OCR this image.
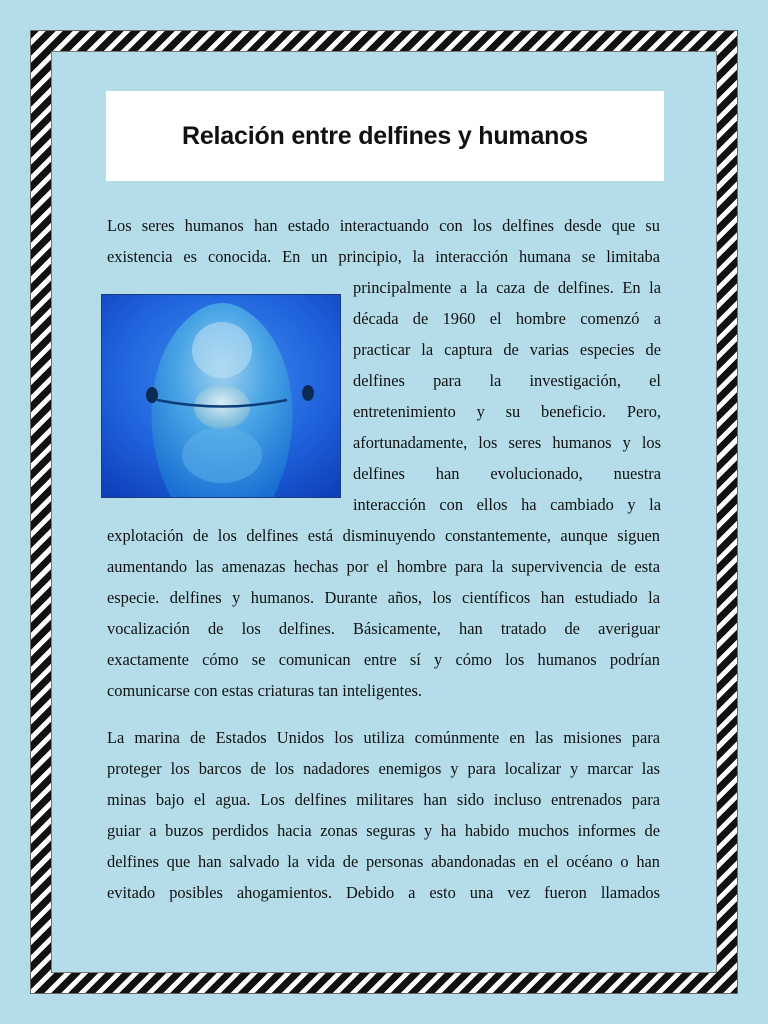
Relación entre delfines y humanos
Los seres humanos han estado interactuando con los delfines desde que su
existencia es conocida. En un principio, la interacción humana se limitaba
principalmente a la caza de delfines. En la
década de 1960 el hombre comenzó a
practicar la captura de varias especies de
delfines para la investigación, el
entretenimiento y su beneficio. Pero,
afortunadamente, los seres humanos y los
delfines han evolucionado, nuestra
interacción con ellos ha cambiado y la
explotación de los delfines está disminuyendo constantemente, aunque siguen
aumentando las amenazas hechas por el hombre para la supervivencia de esta
especie. delfines y humanos. Durante años, los científicos han estudiado la
vocalización de los delfines. Básicamente, han tratado de averiguar
exactamente cómo se comunican entre sí y cómo los humanos podrían
comunicarse con estas criaturas tan inteligentes.
La marina de Estados Unidos los utiliza comúnmente en las misiones para
proteger los barcos de los nadadores enemigos y para localizar y marcar las
minas bajo el agua. Los delfines militares han sido incluso entrenados para
guiar a buzos perdidos hacia zonas seguras y ha habido muchos informes de
delfines que han salvado la vida de personas abandonadas en el océano o han
evitado posibles ahogamientos. Debido a esto una vez fueron llamados
